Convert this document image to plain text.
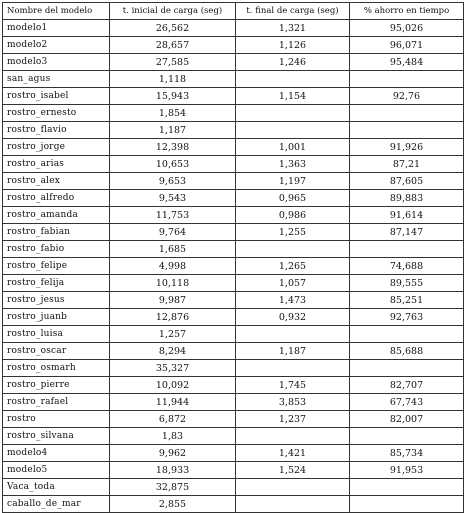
Nombre del modelo	t. inicial de carga (seg)	t. final de carga (seg)	% ahorro en tiempo
modelo1	26,562	1,321	95,026
modelo2	28,657	1,126	96,071
modelo3	27,585	1,246	95,484
san_agus	1,118		
rostro_isabel	15,943	1,154	92,76
rostro_ernesto	1,854		
rostro_flavio	1,187		
rostro_jorge	12,398	1,001	91,926
rostro_arias	10,653	1,363	87,21
rostro_alex	9,653	1,197	87,605
rostro_alfredo	9,543	0,965	89,883
rostro_amanda	11,753	0,986	91,614
rostro_fabian	9,764	1,255	87,147
rostro_fabio	1,685		
rostro_felipe	4,998	1,265	74,688
rostro_felija	10,118	1,057	89,555
rostro_jesus	9,987	1,473	85,251
rostro_juanb	12,876	0,932	92,763
rostro_luisa	1,257		
rostro_oscar	8,294	1,187	85,688
rostro_osmarh	35,327		
rostro_pierre	10,092	1,745	82,707
rostro_rafael	11,944	3,853	67,743
rostro	6,872	1,237	82,007
rostro_silvana	1,83		
modelo4	9,962	1,421	85,734
modelo5	18,933	1,524	91,953
Vaca_toda	32,875		
caballo_de_mar	2,855		
